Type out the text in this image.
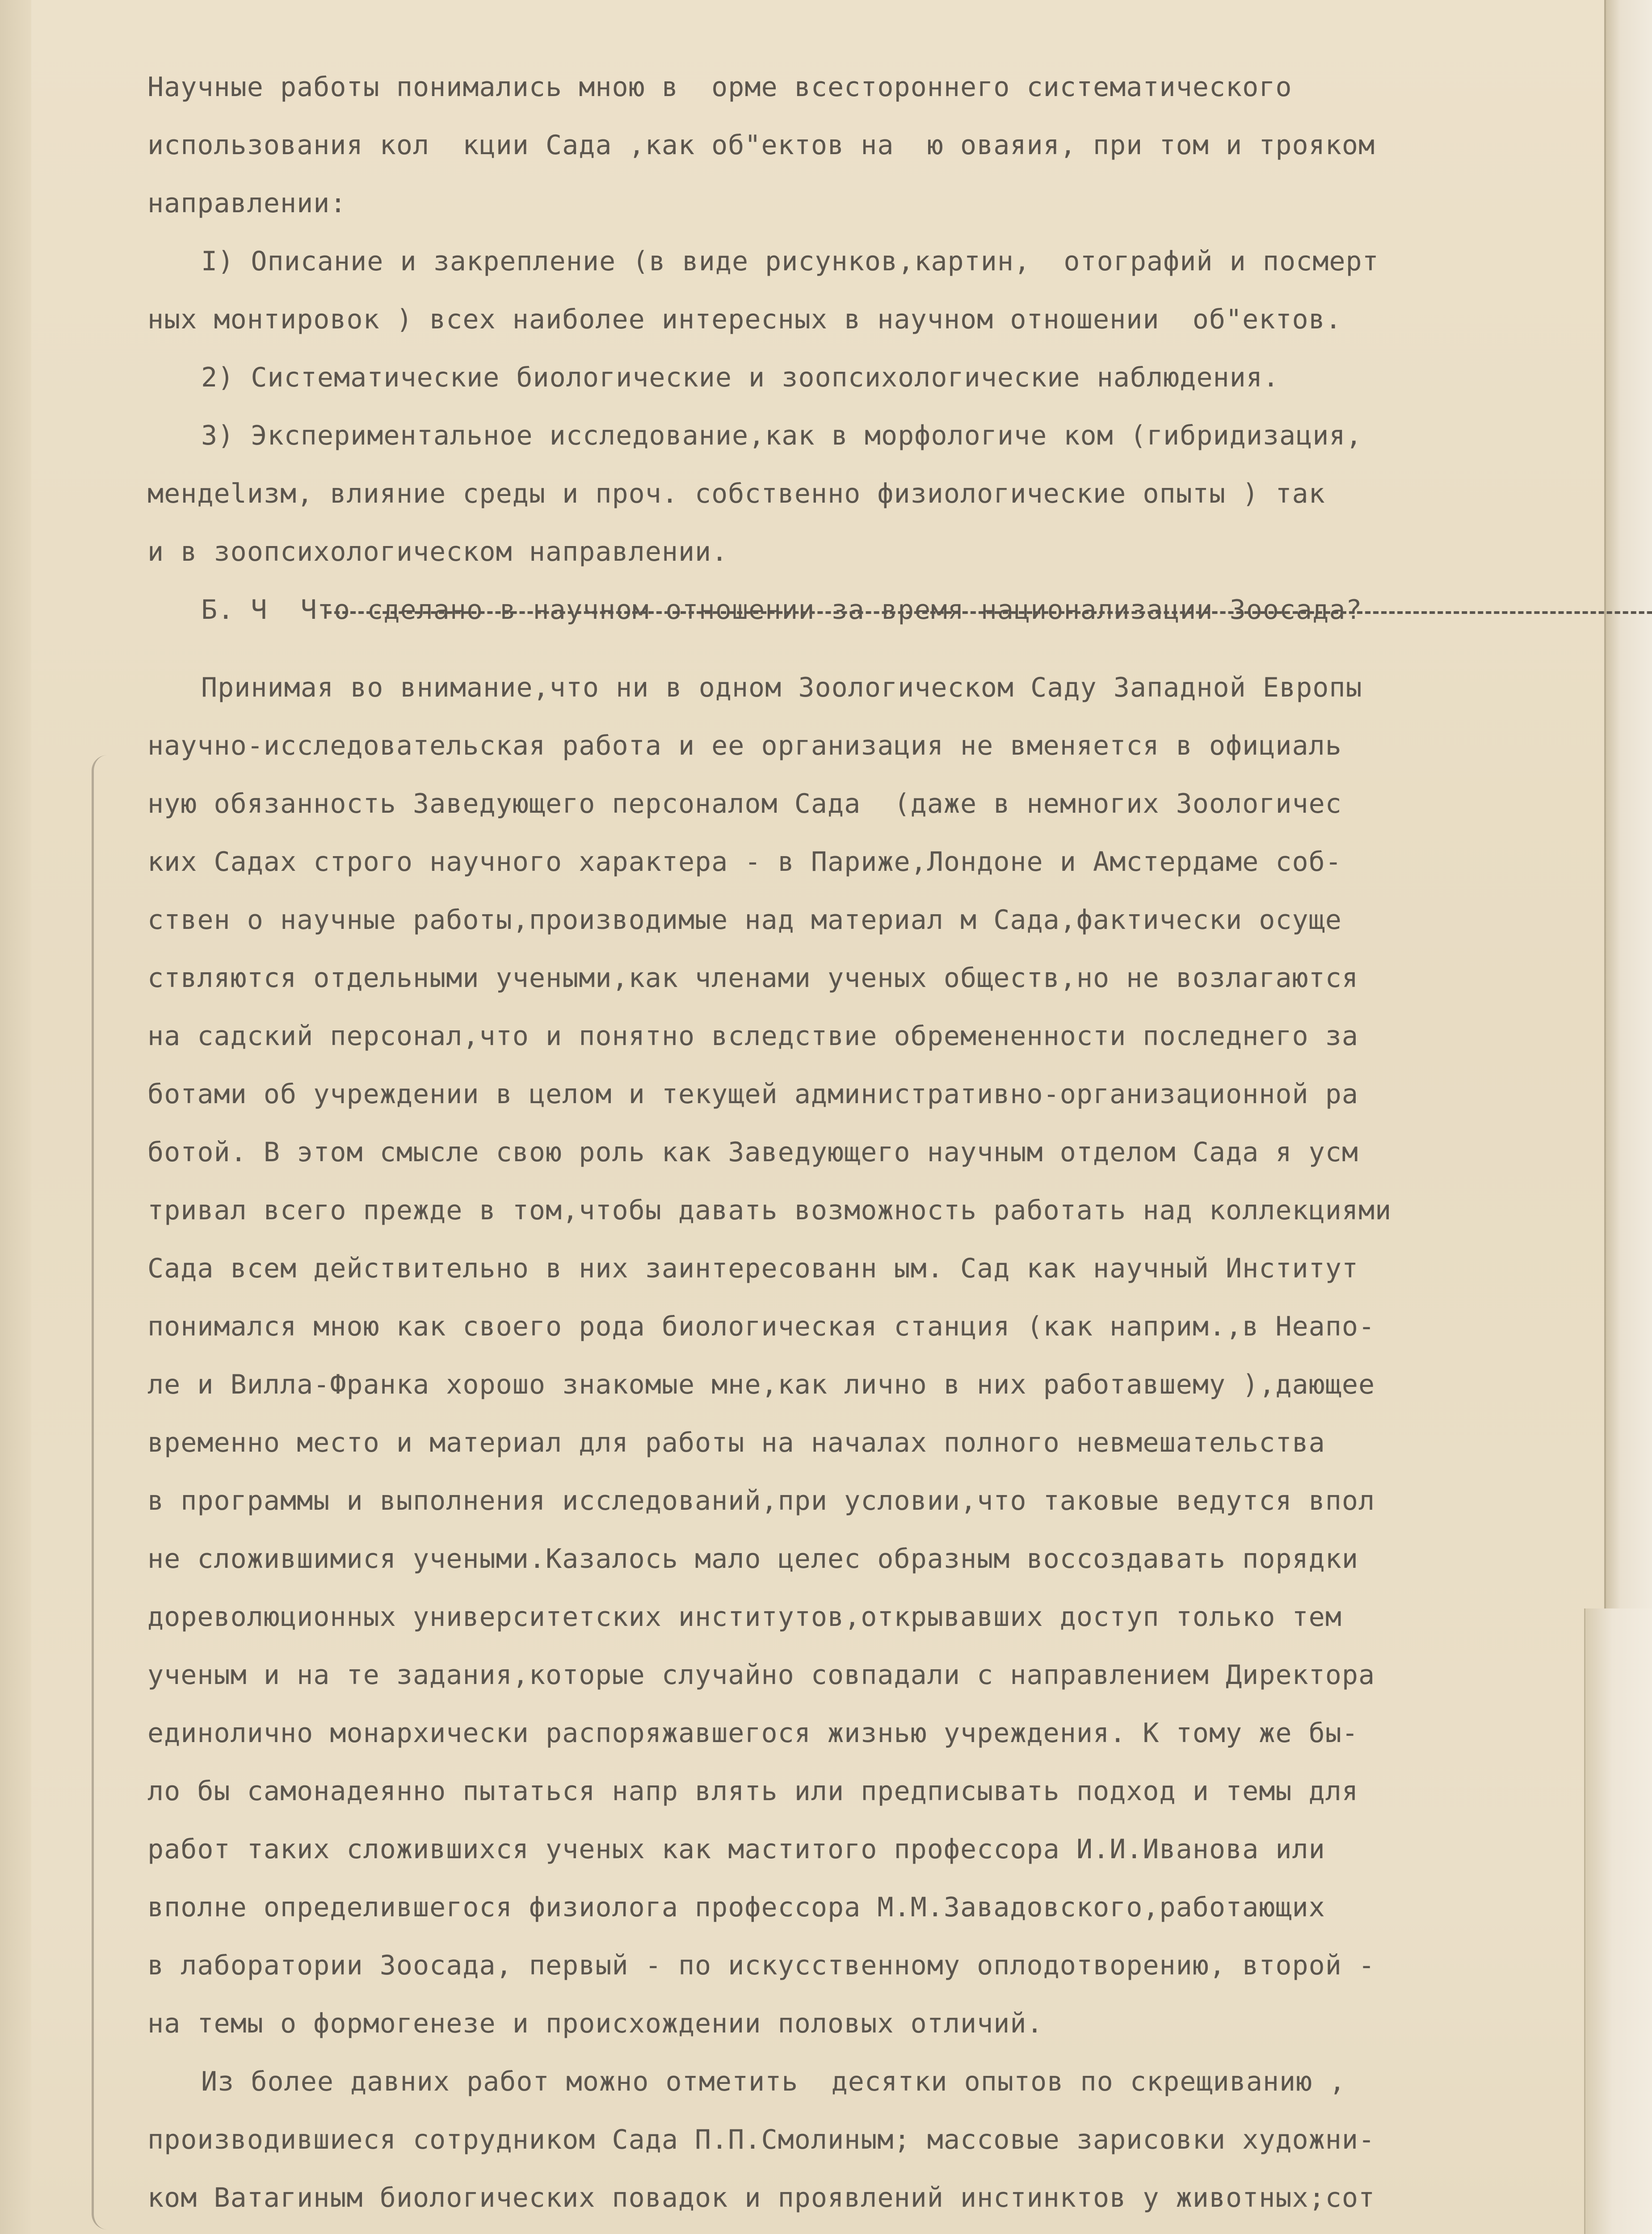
Научные работы понимались мною в  орме всестороннего систематического
использования кол  кции Сада ,как об"ектов на  ю оваяия, при том и трояком
направлении:
I) Описание и закрепление (в виде рисунков,картин,  отографий и посмерт
ных монтировок ) всех наиболее интересных в научном отношении  об"ектов.
2) Систематические биологические и зоопсихологические наблюдения.
3) Экспериментальное исследование,как в морфологиче ком (гибридизация,
мендelизм, влияние среды и проч. собственно физиологические опыты ) так
и в зоопсихологическом направлении.
Б. Ч  Что сделано в научном отношении за время национализации Зоосада?
Принимая во внимание,что ни в одном Зоологическом Саду Западной Европы
научно-исследовательская работа и ее организация не вменяется в официаль
ную обязанность Заведующего персоналом Сада  (даже в немногих Зоологичес
ких Садах строго научного характера - в Париже,Лондоне и Амстердаме соб-
ствен о научные работы,производимые над материал м Сада,фактически осуще
ствляются отдельными учеными,как членами ученых обществ,но не возлагаются
на садский персонал,что и понятно вследствие обремененности последнего за
ботами об учреждении в целом и текущей административно-организационной ра
ботой. В этом смысле свою роль как Заведующего научным отделом Сада я усм
тривал всего прежде в том,чтобы давать возможность работать над коллекциями
Сада всем действительно в них заинтересованн ым. Сад как научный Институт
понимался мною как своего рода биологическая станция (как наприм.,в Неапо-
ле и Вилла-Франка хорошо знакомые мне,как лично в них работавшему ),дающее
временно место и материал для работы на началах полного невмешательства
в программы и выполнения исследований,при условии,что таковые ведутся впол
не сложившимися учеными.Казалось мало целес образным воссоздавать порядки
дореволюционных университетских институтов,открывавших доступ только тем
ученым и на те задания,которые случайно совпадали с направлением Директора
единолично монархически распоряжавшегося жизнью учреждения. К тому же бы-
ло бы самонадеянно пытаться напр влять или предписывать подход и темы для
работ таких сложившихся ученых как маститого профессора И.И.Иванова или
вполне определившегося физиолога профессора М.М.Завадовского,работающих
в лаборатории Зоосада, первый - по искусственному оплодотворению, второй -
на темы о формогенезе и происхождении половых отличий.
Из более давних работ можно отметить  десятки опытов по скрещиванию ,
производившиеся сотрудником Сада П.П.Смолиным; массовые зарисовки художни-
ком Ватагиным биологических повадок и проявлений инстинктов у животных;сот
